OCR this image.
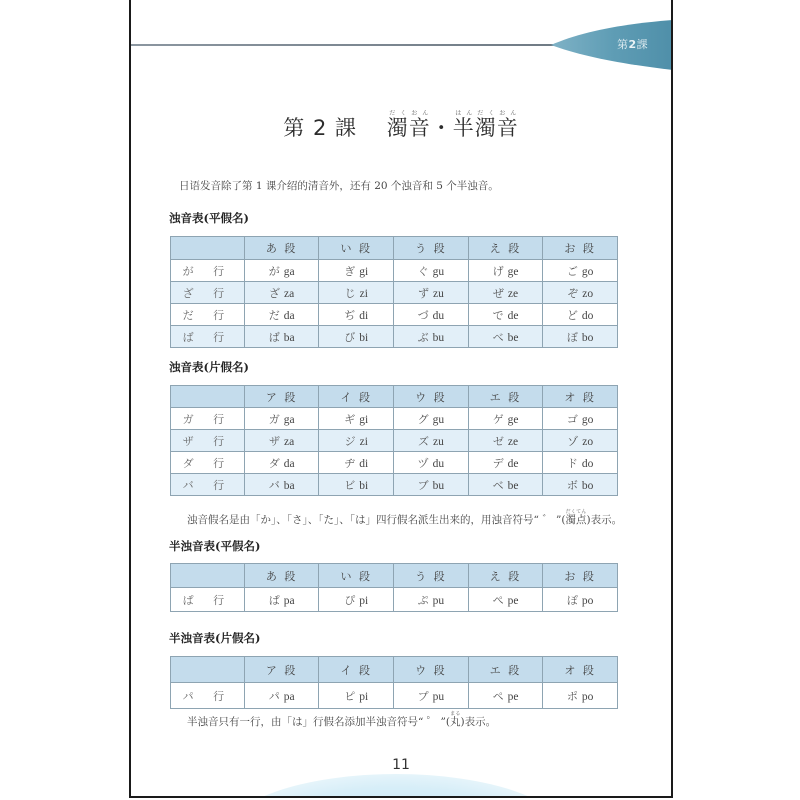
第2課
第 2 課 濁だく音おん・半はん濁だく音おん
日语发音除了第 1 课介绍的清音外，还有 20 个浊音和 5 个半浊音。
浊音表(平假名)
	あ 段	い 段	う 段	え 段	お 段
が 行	が ga	ぎ gi	ぐ gu	げ ge	ご go
ざ 行	ざ za	じ zi	ず zu	ぜ ze	ぞ zo
だ 行	だ da	ぢ di	づ du	で de	ど do
ば 行	ば ba	び bi	ぶ bu	べ be	ぼ bo
浊音表(片假名)
	ア 段	イ 段	ウ 段	エ 段	オ 段
ガ 行	ガ ga	ギ gi	グ gu	ゲ ge	ゴ go
ザ 行	ザ za	ジ zi	ズ zu	ゼ ze	ゾ zo
ダ 行	ダ da	ヂ di	ヅ du	デ de	ド do
バ 行	バ ba	ビ bi	ブ bu	ベ be	ボ bo
浊音假名是由「か」、「さ」、「た」、「は」四行假名派生出来的，用浊音符号“ ゛ ”(濁点だくてん)表示。
半浊音表(平假名)
	あ 段	い 段	う 段	え 段	お 段
ぱ 行	ぱ pa	ぴ pi	ぷ pu	ぺ pe	ぽ po
半浊音表(片假名)
	ア 段	イ 段	ウ 段	エ 段	オ 段
パ 行	パ pa	ピ pi	プ pu	ペ pe	ポ po
半浊音只有一行，由「は」行假名添加半浊音符号“ ゜ ”(丸まる)表示。
11
